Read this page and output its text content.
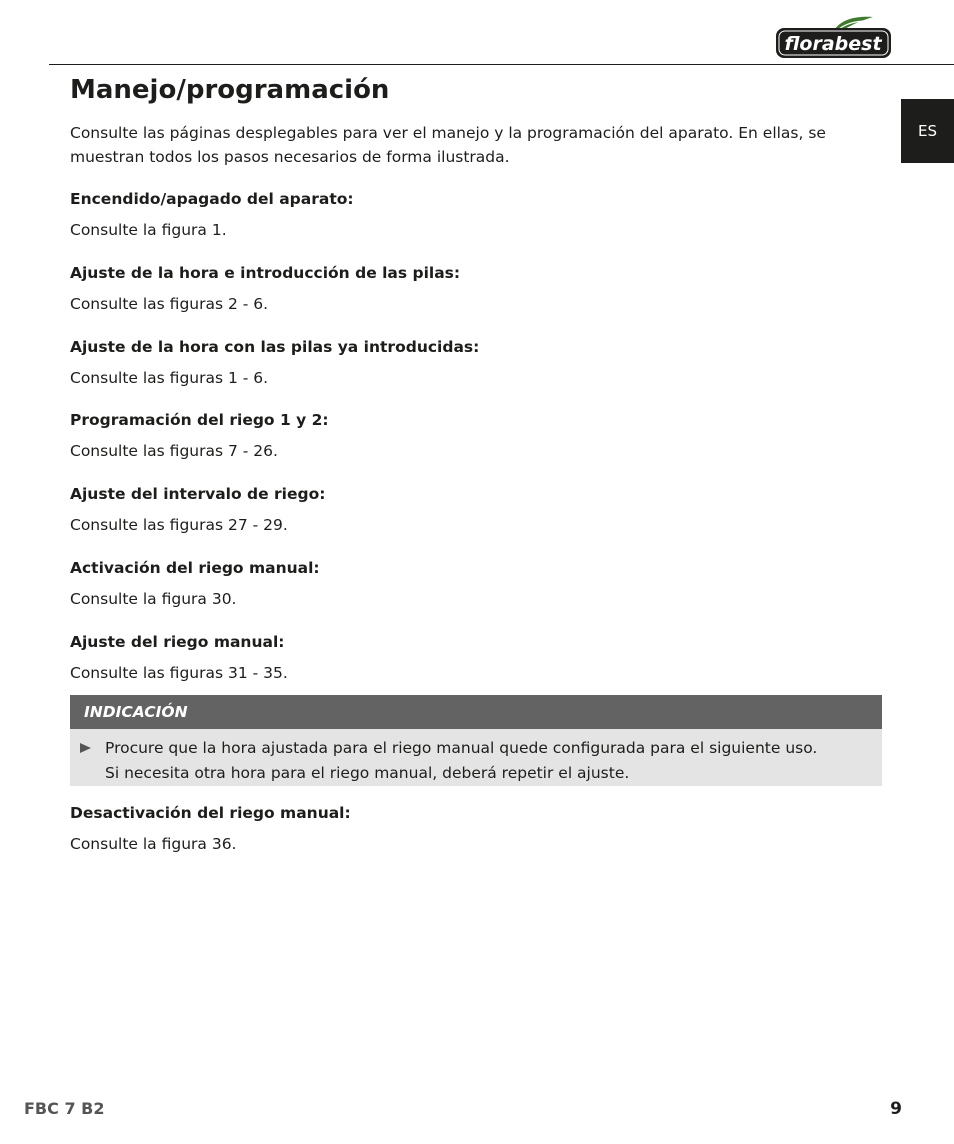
florabest
ES
Manejo/programación

Consulte las páginas desplegables para ver el manejo y la programación del aparato. En ellas, se muestran todos los pasos necesarios de forma ilustrada.

Encendido/apagado del aparato:

Consulte la figura 1.

Ajuste de la hora e introducción de las pilas:

Consulte las figuras 2 - 6.

Ajuste de la hora con las pilas ya introducidas:

Consulte las figuras 1 - 6.

Programación del riego 1 y 2:

Consulte las figuras 7 - 26.

Ajuste del intervalo de riego:

Consulte las figuras 27 - 29.

Activación del riego manual:

Consulte la figura 30.

Ajuste del riego manual:

Consulte las figuras 31 - 35.

INDICACIÓN
Procure que la hora ajustada para el riego manual quede configurada para el siguiente uso.
Si necesita otra hora para el riego manual, deberá repetir el ajuste.

Desactivación del riego manual:

Consulte la figura 36.

FBC 7 B2	9
